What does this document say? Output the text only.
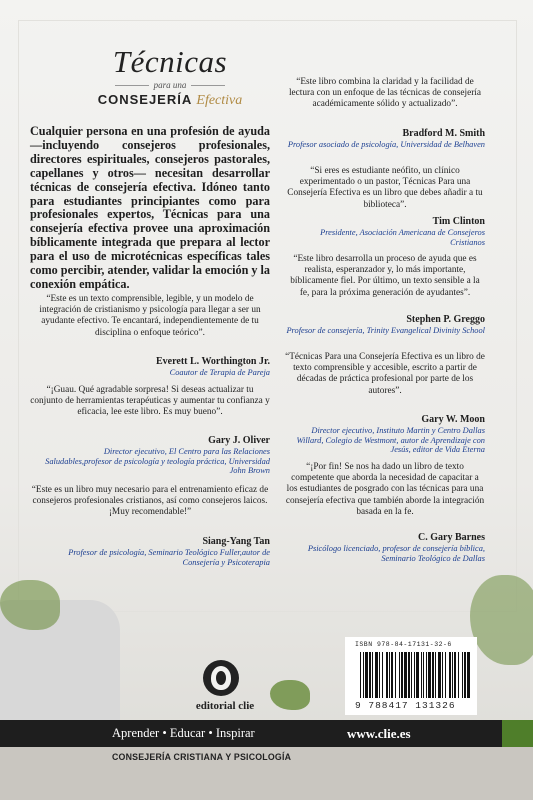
Técnicas
para una
CONSEJERÍA Efectiva
Cualquier persona en una profesión de ayuda —incluyendo consejeros profesionales, directores espirituales, consejeros pastorales, capellanes y otros— necesitan desarrollar técnicas de consejería efectiva. Idóneo tanto para estudiantes principiantes como para profesionales expertos, Técnicas para una consejería efectiva provee una aproximación bíblicamente integrada que prepara al lector para el uso de microtécnicas específicas tales como percibir, atender, validar la emoción y la conexión empática.
“Este es un texto comprensible, legible, y un modelo de integración de cristianismo y psicología para llegar a ser un ayudante efectivo. Te encantará, independientemente de tu disciplina o enfoque teórico”.
Everett L. Worthington Jr.
Coautor de Terapia de Pareja
“¡Guau. Qué agradable sorpresa! Si deseas actualizar tu conjunto de herramientas terapéuticas y aumentar tu confianza y eficacia, lee este libro. Es muy bueno”.
Gary J. Oliver
Director ejecutivo, El Centro para las Relaciones Saludables,profesor de psicología y teología práctica, Universidad John Brown
“Este es un libro muy necesario para el entrenamiento eficaz de consejeros profesionales cristianos, así como consejeros laicos. ¡Muy recomendable!”
Siang-Yang Tan
Profesor de psicología, Seminario Teológico Fuller,autor de Consejería y Psicoterapia
“Este libro combina la claridad y la facilidad de lectura con un enfoque de las técnicas de consejería académicamente sólido y actualizado”.
Bradford M. Smith
Profesor asociado de psicología, Universidad de Belhaven
“Si eres es estudiante neófito, un clínico experimentado o un pastor, Técnicas Para una Consejería Efectiva es un libro que debes añadir a tu biblioteca”.
Tim Clinton
Presidente, Asociación Americana de Consejeros Cristianos
“Este libro desarrolla un proceso de ayuda que es realista, esperanzador y, lo más importante, bíblicamente fiel. Por último, un texto sensible a la fe, para la próxima generación de ayudantes”.
Stephen P. Greggo
Profesor de consejería, Trinity Evangelical Divinity School
“Técnicas Para una Consejería Efectiva es un libro de texto comprensible y accesible, escrito a partir de décadas de práctica profesional por parte de los autores”.
Gary W. Moon
Director ejecutivo, Instituto Martin y Centro Dallas Willard, Colegio de Westmont, autor de Aprendizaje con Jesús, editor de Vida Eterna
“¡Por fin! Se nos ha dado un libro de texto competente que aborda la necesidad de capacitar a los estudiantes de posgrado con las técnicas para una consejería efectiva que también aborde la integración basada en la fe.
C. Gary Barnes
Psicólogo licenciado, profesor de consejería bíblica, Seminario Teológico de Dallas
editorial clie
ISBN 978-84-17131-32-6
9 788417 131326
Aprender • Educar • Inspirar	www.clie.es
CONSEJERÍA CRISTIANA Y PSICOLOGÍA
